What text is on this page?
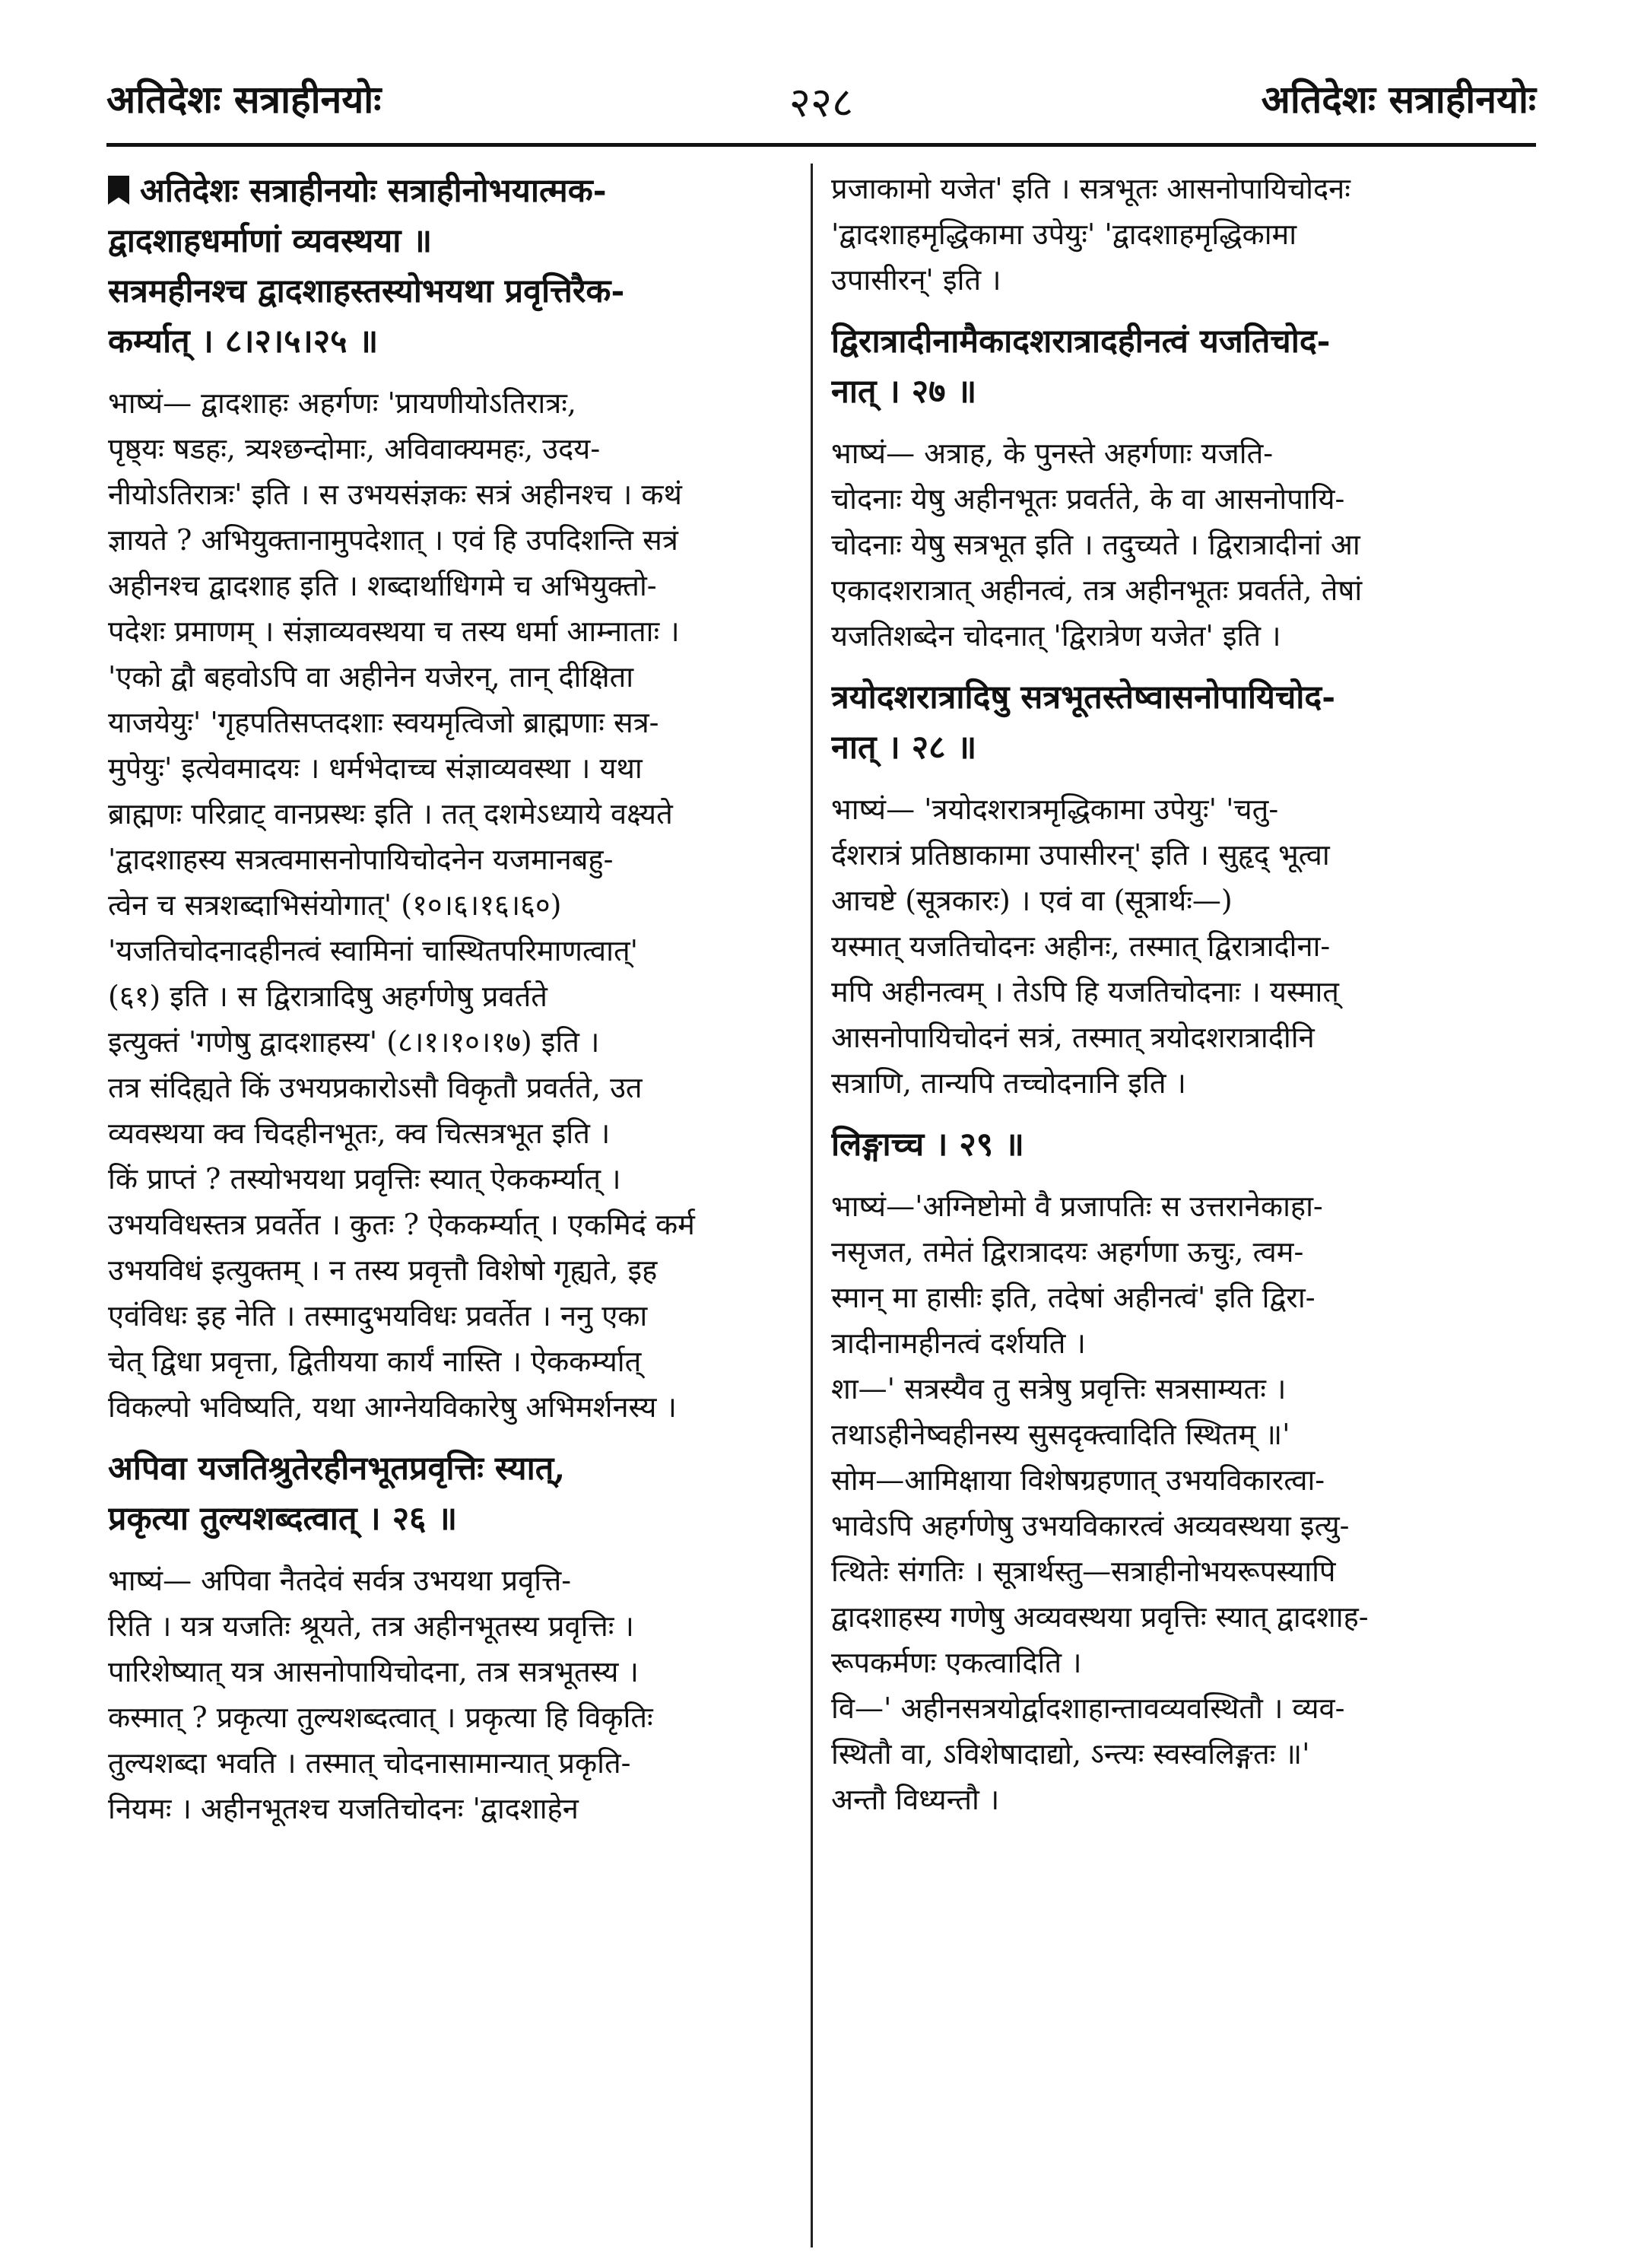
अतिदेशः सत्राहीनयोः	२२८	अतिदेशः सत्राहीनयोः
अतिदेशः सत्राहीनयोः सत्राहीनोभयात्मक-
द्वादशाहधर्माणां व्यवस्थया ॥
सत्रमहीनश्च द्वादशाहस्तस्योभयथा प्रवृत्तिरैक-
कर्म्यात् । ८।२।५।२५ ॥
भाष्यं— द्वादशाहः अहर्गणः 'प्रायणीयोऽतिरात्रः,
पृष्ठ्यः षडहः, त्र्यश्छन्दोमाः, अविवाक्यमहः, उदय-
नीयोऽतिरात्रः' इति । स उभयसंज्ञकः सत्रं अहीनश्च । कथं
ज्ञायते ? अभियुक्तानामुपदेशात् । एवं हि उपदिशन्ति सत्रं
अहीनश्च द्वादशाह इति । शब्दार्थाधिगमे च अभियुक्तो-
पदेशः प्रमाणम् । संज्ञाव्यवस्थया च तस्य धर्मा आम्नाताः ।
'एको द्वौ बहवोऽपि वा अहीनेन यजेरन्, तान् दीक्षिता
याजयेयुः' 'गृहपतिसप्तदशाः स्वयमृत्विजो ब्राह्मणाः सत्र-
मुपेयुः' इत्येवमादयः । धर्मभेदाच्च संज्ञाव्यवस्था । यथा
ब्राह्मणः परिव्राट् वानप्रस्थः इति । तत् दशमेऽध्याये वक्ष्यते
'द्वादशाहस्य सत्रत्वमासनोपायिचोदनेन यजमानबहु-
त्वेन च सत्रशब्दाभिसंयोगात्' (१०।६।१६।६०)
'यजतिचोदनादहीनत्वं स्वामिनां चास्थितपरिमाणत्वात्'
(६१) इति । स द्विरात्रादिषु अहर्गणेषु प्रवर्तते
इत्युक्तं 'गणेषु द्वादशाहस्य' (८।१।१०।१७) इति ।
तत्र संदिह्यते किं उभयप्रकारोऽसौ विकृतौ प्रवर्तते, उत
व्यवस्थया क्व चिदहीनभूतः, क्व चित्सत्रभूत इति ।
किं प्राप्तं ? तस्योभयथा प्रवृत्तिः स्यात् ऐककर्म्यात् ।
उभयविधस्तत्र प्रवर्तेत । कुतः ? ऐककर्म्यात् । एकमिदं कर्म
उभयविधं इत्युक्तम् । न तस्य प्रवृत्तौ विशेषो गृह्यते, इह
एवंविधः इह नेति । तस्मादुभयविधः प्रवर्तेत । ननु एका
चेत् द्विधा प्रवृत्ता, द्वितीयया कार्यं नास्ति । ऐककर्म्यात्
विकल्पो भविष्यति, यथा आग्नेयविकारेषु अभिमर्शनस्य ।
अपिवा यजतिश्रुतेरहीनभूतप्रवृत्तिः स्यात्,
प्रकृत्या तुल्यशब्दत्वात् । २६ ॥
भाष्यं— अपिवा नैतदेवं सर्वत्र उभयथा प्रवृत्ति-
रिति । यत्र यजतिः श्रूयते, तत्र अहीनभूतस्य प्रवृत्तिः ।
पारिशेष्यात् यत्र आसनोपायिचोदना, तत्र सत्रभूतस्य ।
कस्मात् ? प्रकृत्या तुल्यशब्दत्वात् । प्रकृत्या हि विकृतिः
तुल्यशब्दा भवति । तस्मात् चोदनासामान्यात् प्रकृति-
नियमः । अहीनभूतश्च यजतिचोदनः 'द्वादशाहेन
प्रजाकामो यजेत' इति । सत्रभूतः आसनोपायिचोदनः
'द्वादशाहमृद्धिकामा उपेयुः' 'द्वादशाहमृद्धिकामा
उपासीरन्' इति ।
द्विरात्रादीनामैकादशरात्रादहीनत्वं यजतिचोद-
नात् । २७ ॥
भाष्यं— अत्राह, के पुनस्ते अहर्गणाः यजति-
चोदनाः येषु अहीनभूतः प्रवर्तते, के वा आसनोपायि-
चोदनाः येषु सत्रभूत इति । तदुच्यते । द्विरात्रादीनां आ
एकादशरात्रात् अहीनत्वं, तत्र अहीनभूतः प्रवर्तते, तेषां
यजतिशब्देन चोदनात् 'द्विरात्रेण यजेत' इति ।
त्रयोदशरात्रादिषु सत्रभूतस्तेष्वासनोपायिचोद-
नात् । २८ ॥
भाष्यं— 'त्रयोदशरात्रमृद्धिकामा उपेयुः' 'चतु-
र्दशरात्रं प्रतिष्ठाकामा उपासीरन्' इति । सुहृद् भूत्वा
आचष्टे (सूत्रकारः) । एवं वा (सूत्रार्थः—)
यस्मात् यजतिचोदनः अहीनः, तस्मात् द्विरात्रादीना-
मपि अहीनत्वम् । तेऽपि हि यजतिचोदनाः । यस्मात्
आसनोपायिचोदनं सत्रं, तस्मात् त्रयोदशरात्रादीनि
सत्राणि, तान्यपि तच्चोदनानि इति ।
लिङ्गाच्च । २९ ॥
भाष्यं—'अग्निष्टोमो वै प्रजापतिः स उत्तरानेकाहा-
नसृजत, तमेतं द्विरात्रादयः अहर्गणा ऊचुः, त्वम-
स्मान् मा हासीः इति, तदेषां अहीनत्वं' इति द्विरा-
त्रादीनामहीनत्वं दर्शयति ।
शा—' सत्रस्यैव तु सत्रेषु प्रवृत्तिः सत्रसाम्यतः ।
तथाऽहीनेष्वहीनस्य सुसदृक्त्वादिति स्थितम् ॥'
सोम—आमिक्षाया विशेषग्रहणात् उभयविकारत्वा-
भावेऽपि अहर्गणेषु उभयविकारत्वं अव्यवस्थया इत्यु-
त्थितेः संगतिः । सूत्रार्थस्तु—सत्राहीनोभयरूपस्यापि
द्वादशाहस्य गणेषु अव्यवस्थया प्रवृत्तिः स्यात् द्वादशाह-
रूपकर्मणः एकत्वादिति ।
वि—' अहीनसत्रयोर्द्वादशाहान्तावव्यवस्थितौ । व्यव-
स्थितौ वा, ऽविशेषादाद्यो, ऽन्त्यः स्वस्वलिङ्गतः ॥'
अन्तौ विध्यन्तौ ।
